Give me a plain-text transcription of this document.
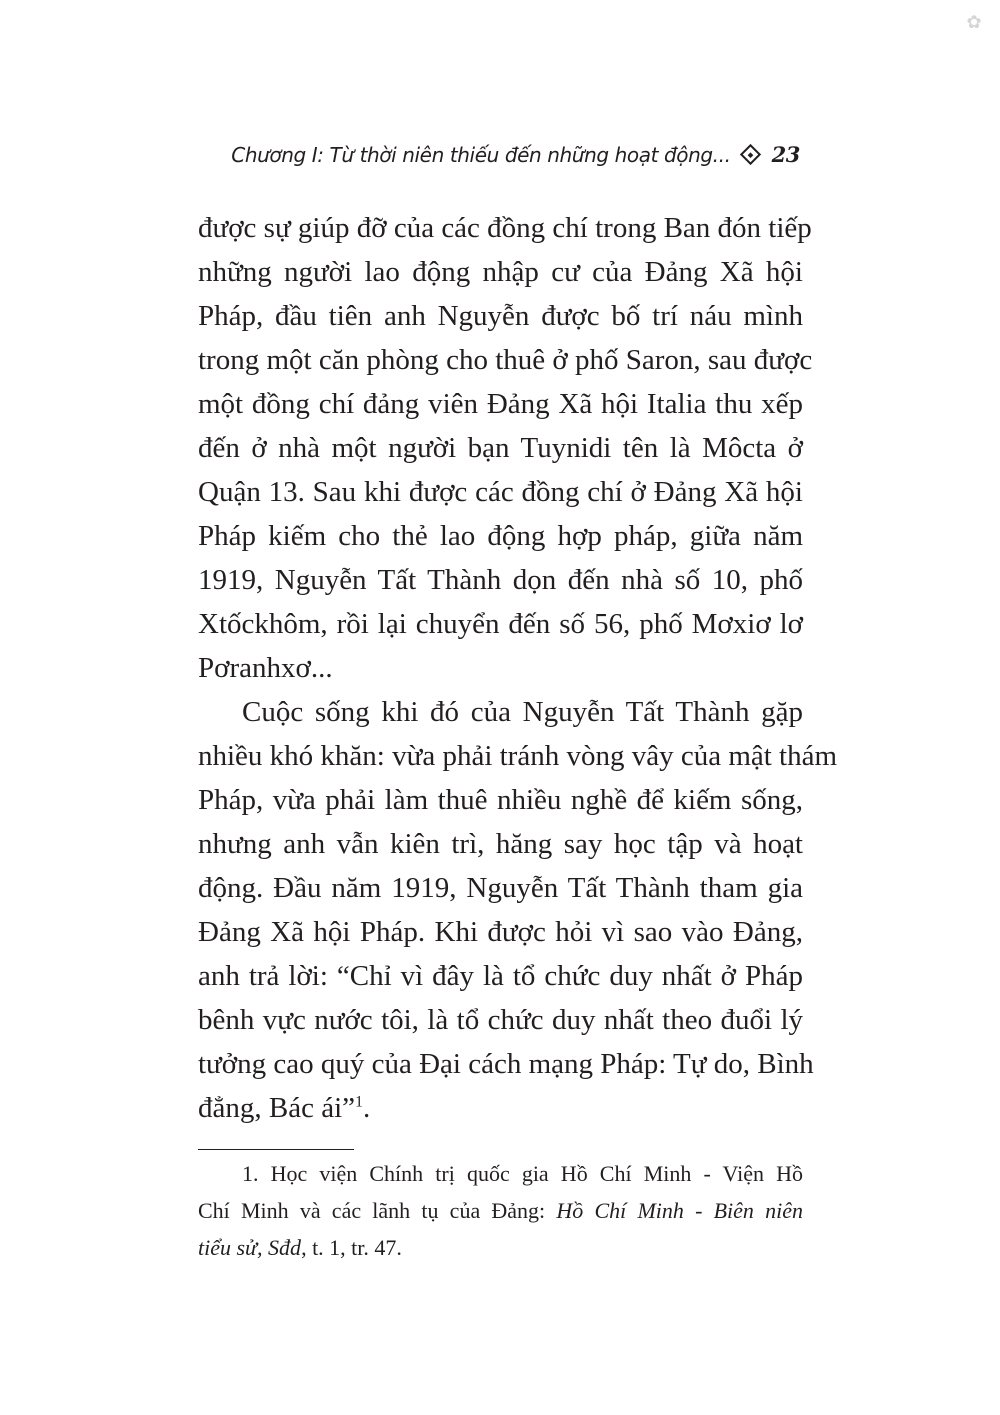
✿
Chương I: Từ thời niên thiếu đến những hoạt động... 23
được sự giúp đỡ của các đồng chí trong Ban đón tiếp
những người lao động nhập cư của Đảng Xã hội
Pháp, đầu tiên anh Nguyễn được bố trí náu mình
trong một căn phòng cho thuê ở phố Saron, sau được
một đồng chí đảng viên Đảng Xã hội Italia thu xếp
đến ở nhà một người bạn Tuynidi tên là Môcta ở
Quận 13. Sau khi được các đồng chí ở Đảng Xã hội
Pháp kiếm cho thẻ lao động hợp pháp, giữa năm
1919, Nguyễn Tất Thành dọn đến nhà số 10, phố
Xtốckhôm, rồi lại chuyển đến số 56, phố Mơxiơ lơ
Pơranhxơ...
Cuộc sống khi đó của Nguyễn Tất Thành gặp
nhiều khó khăn: vừa phải tránh vòng vây của mật thám
Pháp, vừa phải làm thuê nhiều nghề để kiếm sống,
nhưng anh vẫn kiên trì, hăng say học tập và hoạt
động. Đầu năm 1919, Nguyễn Tất Thành tham gia
Đảng Xã hội Pháp. Khi được hỏi vì sao vào Đảng,
anh trả lời: “Chỉ vì đây là tổ chức duy nhất ở Pháp
bênh vực nước tôi, là tổ chức duy nhất theo đuổi lý
tưởng cao quý của Đại cách mạng Pháp: Tự do, Bình
đẳng, Bác ái”$^1$.
1. Học viện Chính trị quốc gia Hồ Chí Minh - Viện Hồ
Chí Minh và các lãnh tụ của Đảng: Hồ Chí Minh - Biên niên
tiểu sử, Sđd, t. 1, tr. 47.
